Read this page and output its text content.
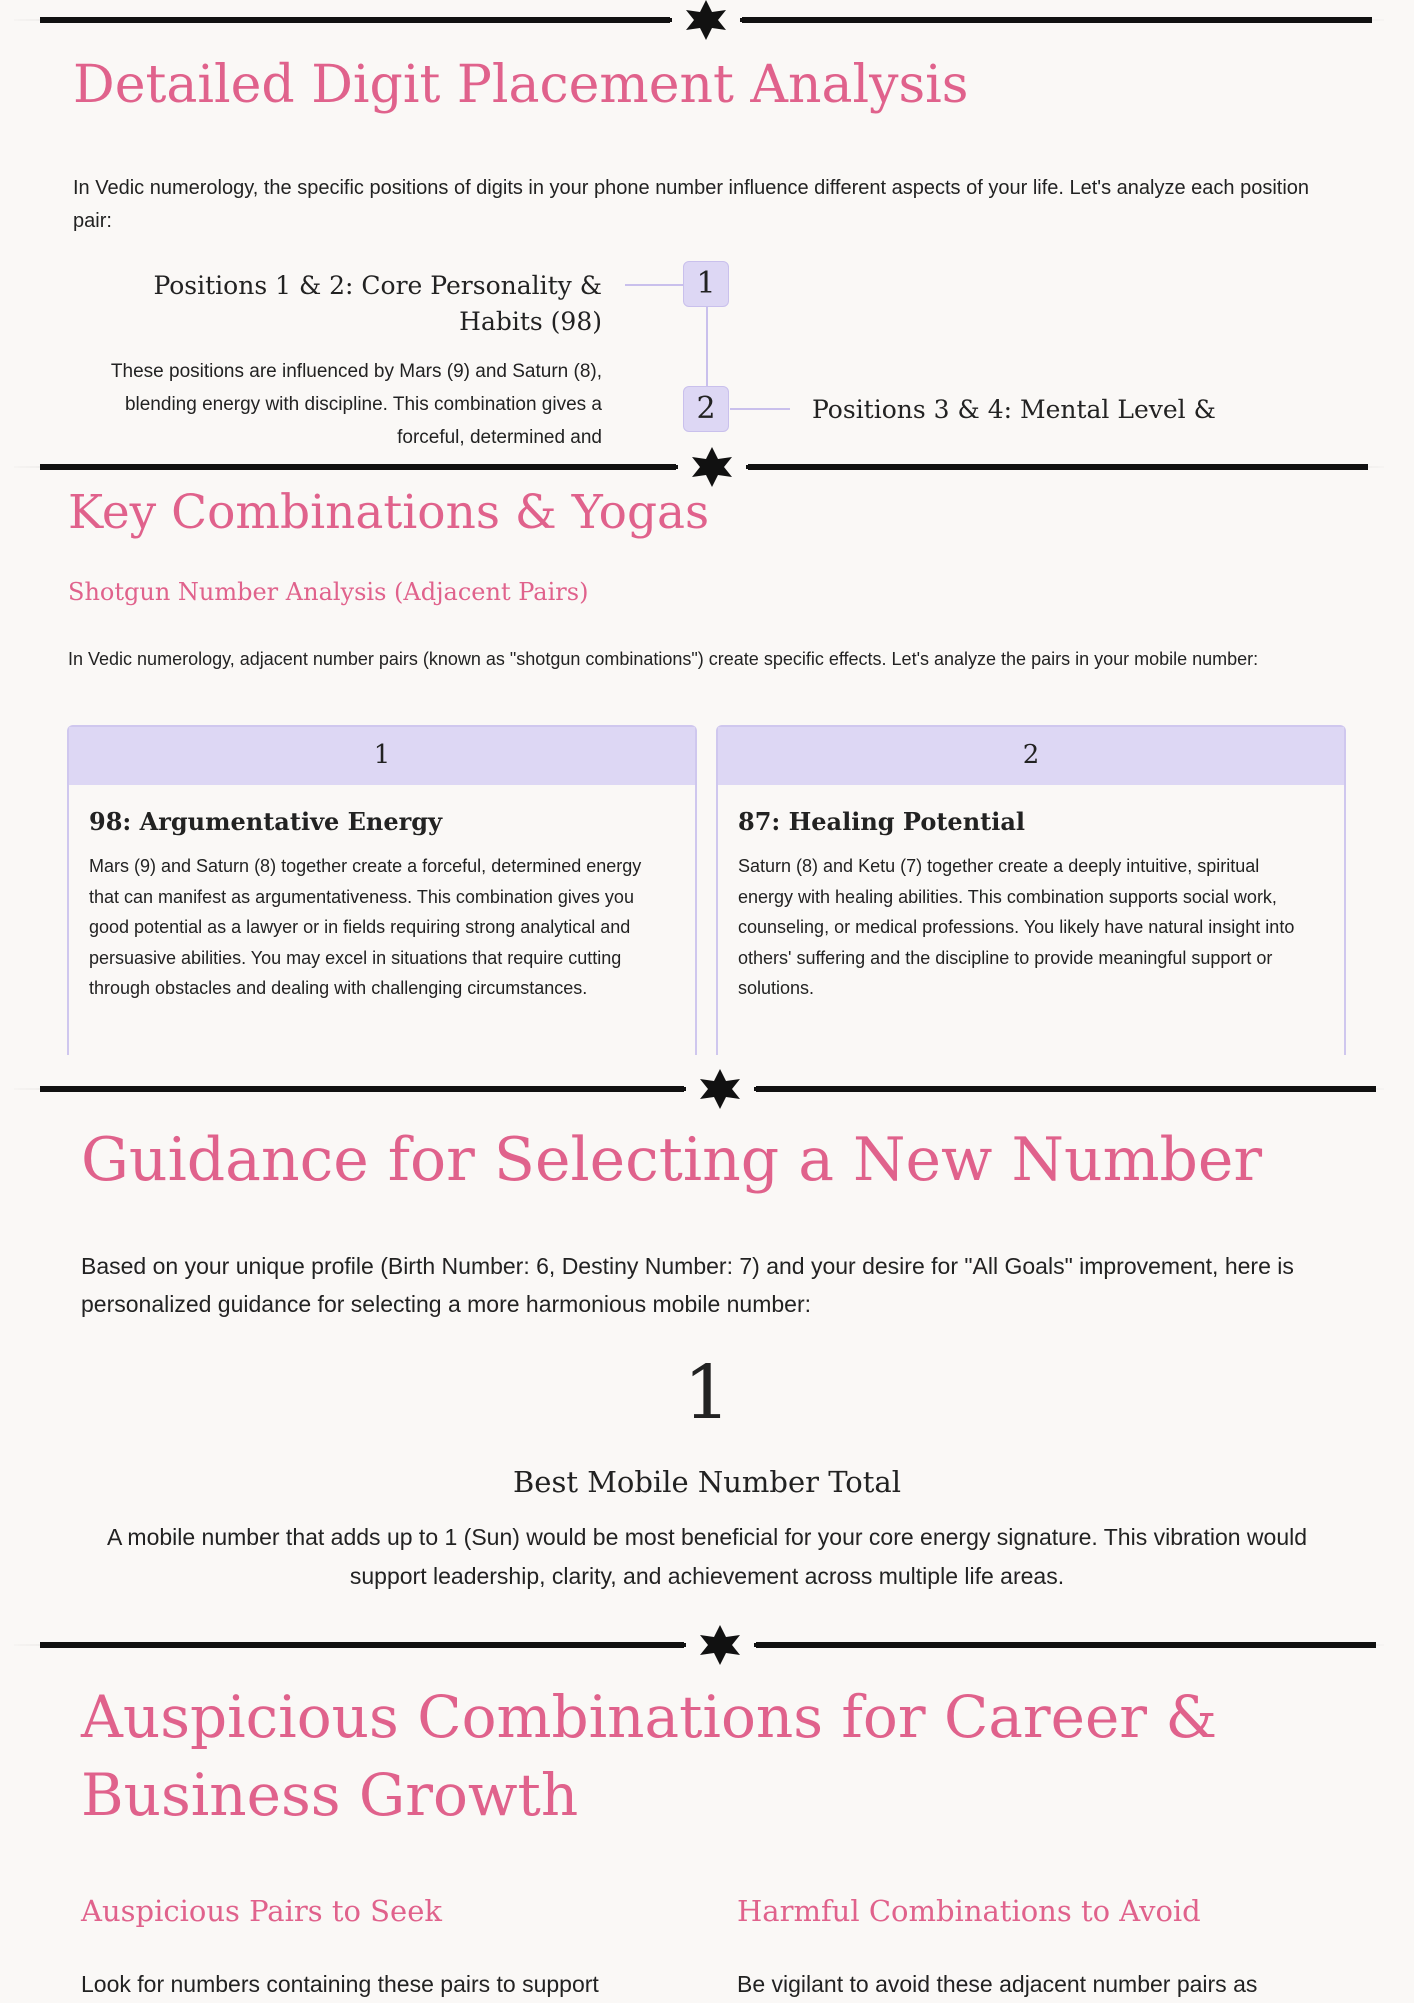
Detailed Digit Placement Analysis

In Vedic numerology, the specific positions of digits in your phone number influence different aspects of your life. Let's analyze each position pair:

Positions 1 & 2: Core Personality & Habits (98)
These positions are influenced by Mars (9) and Saturn (8), blending energy with discipline. This combination gives a forceful, determined and
1
2	Positions 3 & 4: Mental Level &
Key Combinations & Yogas
Shotgun Number Analysis (Adjacent Pairs)

In Vedic numerology, adjacent number pairs (known as "shotgun combinations") create specific effects. Let's analyze the pairs in your mobile number:

1
98: Argumentative Energy

Mars (9) and Saturn (8) together create a forceful, determined energy that can manifest as argumentativeness. This combination gives you good potential as a lawyer or in fields requiring strong analytical and persuasive abilities. You may excel in situations that require cutting through obstacles and dealing with challenging circumstances.

2
87: Healing Potential

Saturn (8) and Ketu (7) together create a deeply intuitive, spiritual energy with healing abilities. This combination supports social work, counseling, or medical professions. You likely have natural insight into others' suffering and the discipline to provide meaningful support or solutions.

Guidance for Selecting a New Number

Based on your unique profile (Birth Number: 6, Destiny Number: 7) and your desire for "All Goals" improvement, here is personalized guidance for selecting a more harmonious mobile number:

1
Best Mobile Number Total

A mobile number that adds up to 1 (Sun) would be most beneficial for your core energy signature. This vibration would support leadership, clarity, and achievement across multiple life areas.

Auspicious Combinations for Career &
Business Growth
Auspicious Pairs to Seek

Look for numbers containing these pairs to support

Harmful Combinations to Avoid

Be vigilant to avoid these adjacent number pairs as
